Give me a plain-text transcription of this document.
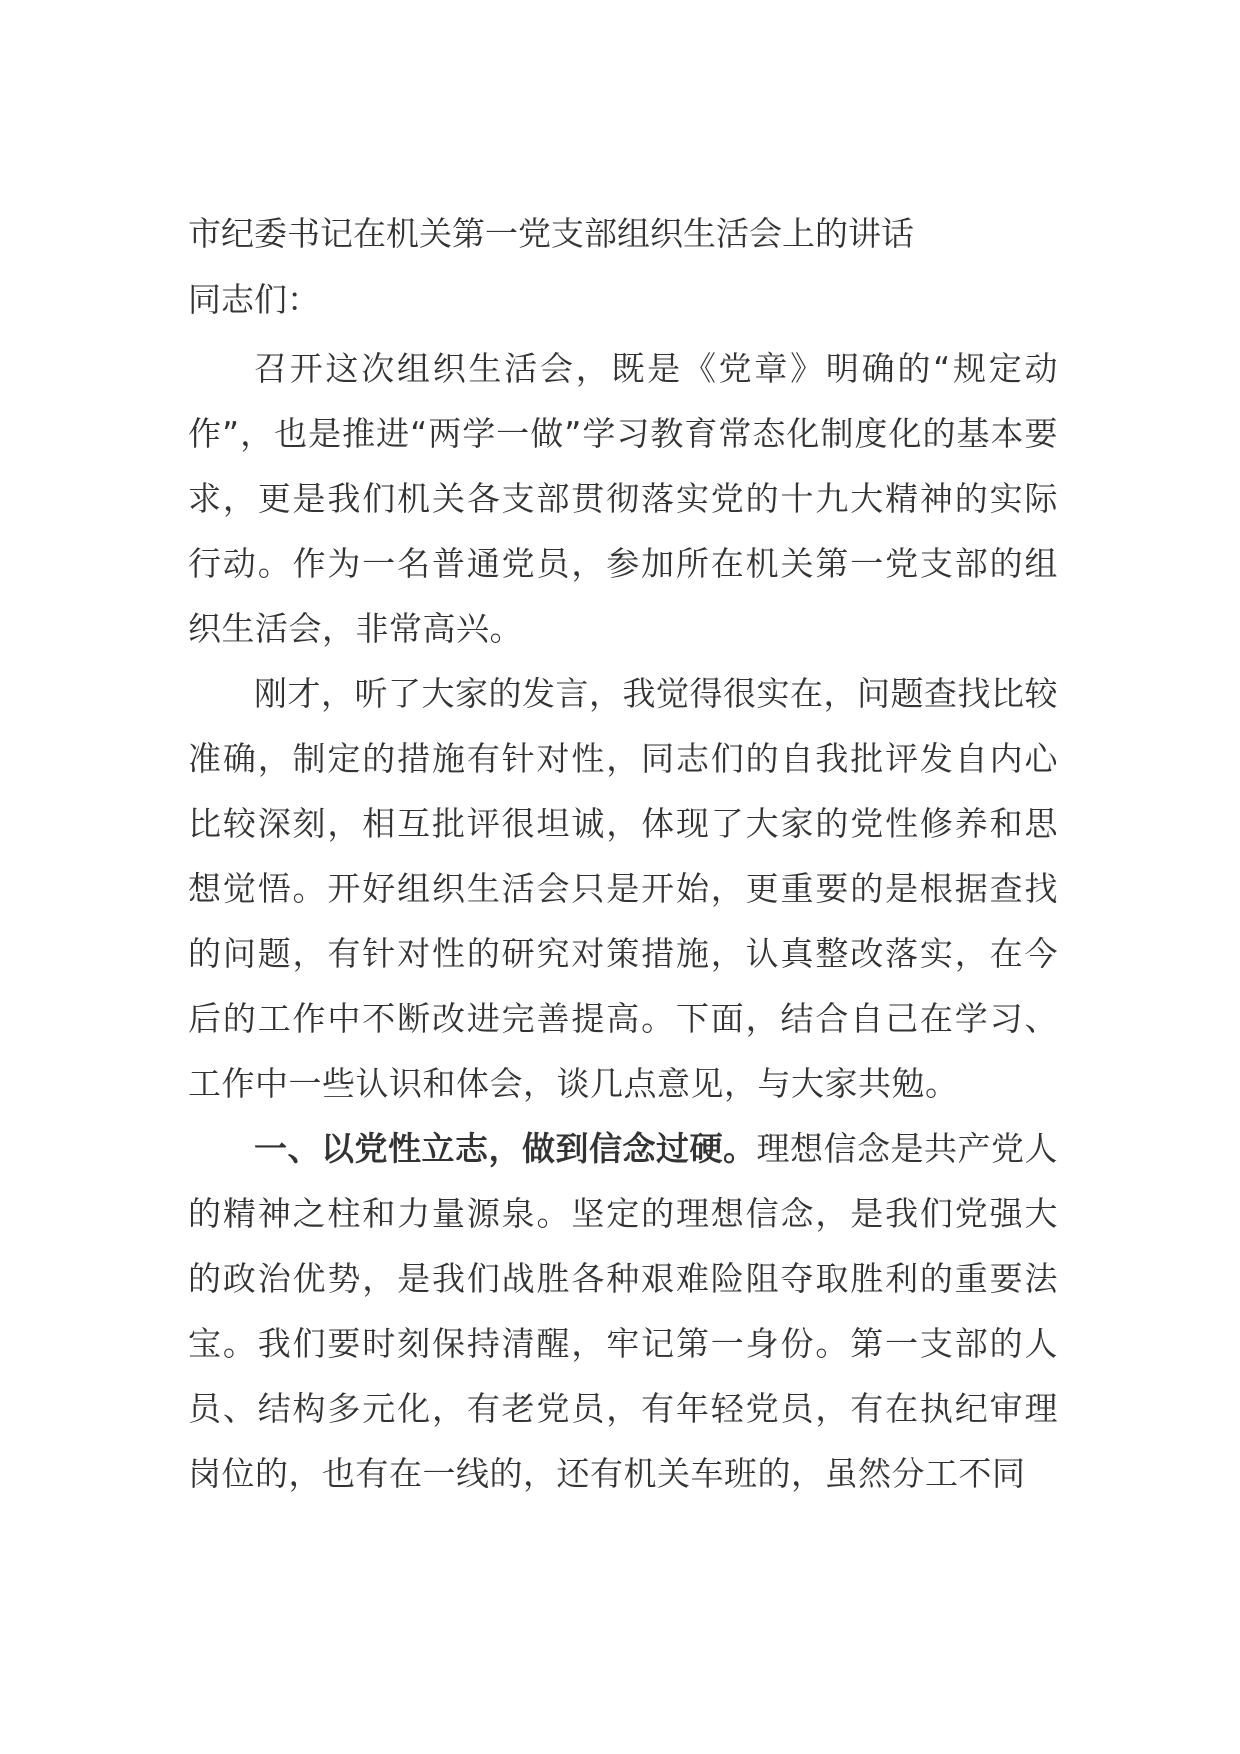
市纪委书记在机关第一党支部组织生活会上的讲话

同志们：

召开这次组织生活会，既是《党章》明确的“规定动作”，也是推进“两学一做”学习教育常态化制度化的基本要求，更是我们机关各支部贯彻落实党的十九大精神的实际行动。作为一名普通党员，参加所在机关第一党支部的组织生活会，非常高兴。

刚才，听了大家的发言，我觉得很实在，问题查找比较准确，制定的措施有针对性，同志们的自我批评发自内心比较深刻，相互批评很坦诚，体现了大家的党性修养和思想觉悟。开好组织生活会只是开始，更重要的是根据查找的问题，有针对性的研究对策措施，认真整改落实，在今后的工作中不断改进完善提高。下面，结合自己在学习、工作中一些认识和体会，谈几点意见，与大家共勉。

一、以党性立志，做到信念过硬。理想信念是共产党人的精神之柱和力量源泉。坚定的理想信念，是我们党强大的政治优势，是我们战胜各种艰难险阻夺取胜利的重要法宝。我们要时刻保持清醒，牢记第一身份。第一支部的人员、结构多元化，有老党员，有年轻党员，有在执纪审理岗位的，也有在一线的，还有机关车班的，虽然分工不同
